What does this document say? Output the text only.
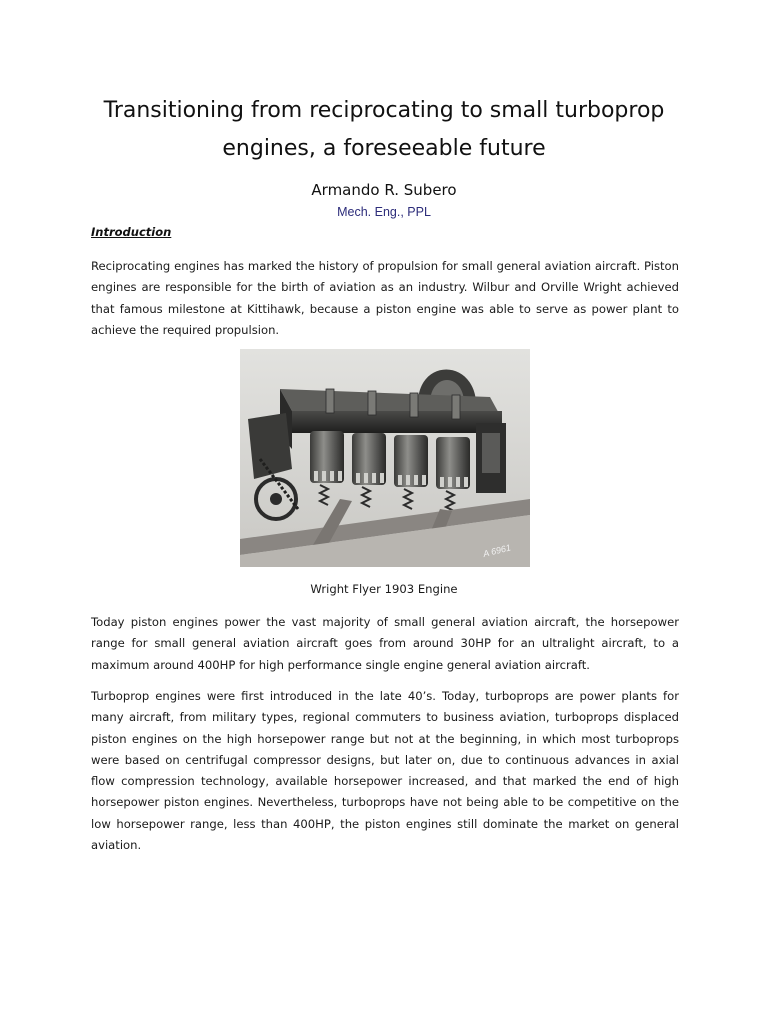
Transitioning from reciprocating to small turboprop engines, a foreseeable future
Armando R. Subero
Mech. Eng., PPL
Introduction

Reciprocating engines has marked the history of propulsion for small general aviation aircraft. Piston engines are responsible for the birth of aviation as an industry. Wilbur and Orville Wright achieved that famous milestone at Kittihawk, because a piston engine was able to serve as power plant to achieve the required propulsion.

A 6961
Wright Flyer 1903 Engine

Today piston engines power the vast majority of small general aviation aircraft, the horsepower range for small general aviation aircraft goes from around 30HP for an ultralight aircraft, to a maximum around 400HP for high performance single engine general aviation aircraft.

Turboprop engines were first introduced in the late 40’s. Today, turboprops are power plants for many aircraft, from military types, regional commuters to business aviation, turboprops displaced piston engines on the high horsepower range but not at the beginning, in which most turboprops were based on centrifugal compressor designs, but later on, due to continuous advances in axial flow compression technology, available horsepower increased, and that marked the end of high horsepower piston engines. Nevertheless, turboprops have not being able to be competitive on the low horsepower range, less than 400HP, the piston engines still dominate the market on general aviation.
